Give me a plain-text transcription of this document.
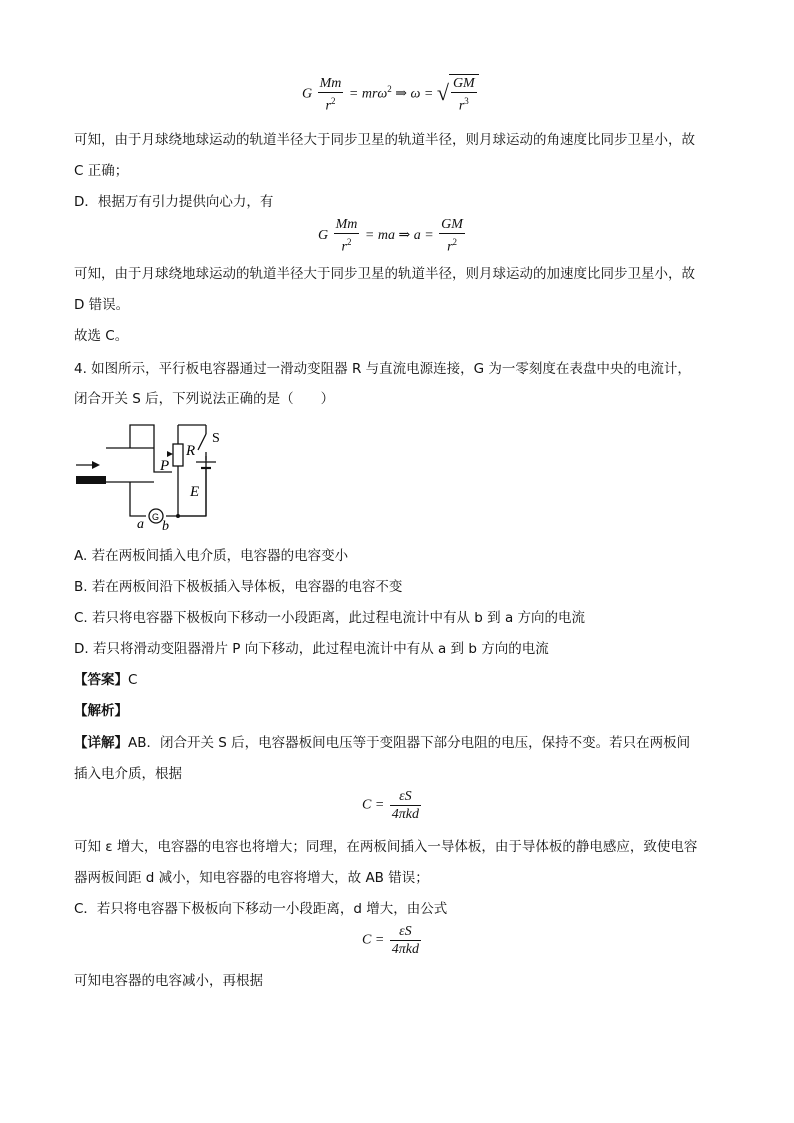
G $\frac{Mm}{r^2} = mr\omega^2$ ⇒ ω = √ $\frac{GM}{r^3}$
可知，由于月球绕地球运动的轨道半径大于同步卫星的轨道半径，则月球运动的角速度比同步卫星小，故
C 正确；
D．根据万有引力提供向心力，有
G $\frac{Mm}{r^2}$ = ma ⇒ $a = \frac{GM}{r^2}$
可知，由于月球绕地球运动的轨道半径大于同步卫星的轨道半径，则月球运动的加速度比同步卫星小，故
D 错误。
故选 C。
4. 如图所示，平行板电容器通过一滑动变阻器 R 与直流电源连接，G 为一零刻度在表盘中央的电流计，
闭合开关 S 后，下列说法正确的是（　　）
R
P
E
S
a b
G
A. 若在两板间插入电介质，电容器的电容变小
B. 若在两板间沿下极板插入导体板，电容器的电容不变
C. 若只将电容器下极板向下移动一小段距离，此过程电流计中有从 b 到 a 方向的电流
D. 若只将滑动变阻器滑片 P 向下移动，此过程电流计中有从 a 到 b 方向的电流
【答案】C
【解析】
【详解】AB．闭合开关 S 后，电容器板间电压等于变阻器下部分电阻的电压，保持不变。若只在两板间
插入电介质，根据
$C = \frac{\varepsilon S}{\text{4πkd}}$
可知 ε 增大，电容器的电容也将增大；同理，在两板间插入一导体板，由于导体板的静电感应，致使电容
器两板间距 d 减小，知电容器的电容将增大，故 AB 错误；
C．若只将电容器下极板向下移动一小段距离，d 增大，由公式
$C = \frac{\varepsilon S}{\text{4πkd}}$
可知电容器的电容减小，再根据
